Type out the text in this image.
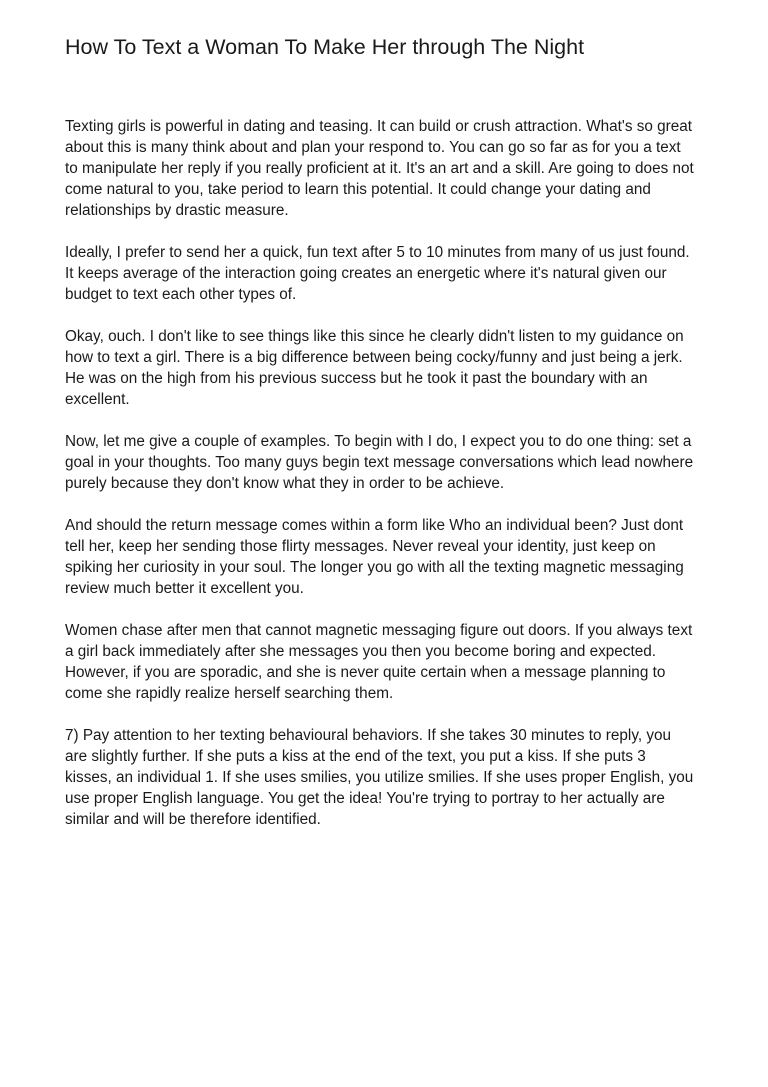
How To Text a Woman To Make Her through The Night

Texting girls is powerful in dating and teasing. It can build or crush attraction. What's so great
about this is many think about and plan your respond to. You can go so far as for you a text
to manipulate her reply if you really proficient at it. It's an art and a skill. Are going to does not
come natural to you, take period to learn this potential. It could change your dating and
relationships by drastic measure.

Ideally, I prefer to send her a quick, fun text after 5 to 10 minutes from many of us just found.
It keeps average of the interaction going creates an energetic where it's natural given our
budget to text each other types of.

Okay, ouch. I don't like to see things like this since he clearly didn't listen to my guidance on
how to text a girl. There is a big difference between being cocky/funny and just being a jerk.
He was on the high from his previous success but he took it past the boundary with an
excellent.

Now, let me give a couple of examples. To begin with I do, I expect you to do one thing: set a
goal in your thoughts. Too many guys begin text message conversations which lead nowhere
purely because they don't know what they in order to be achieve.

And should the return message comes within a form like Who an individual been? Just dont
tell her, keep her sending those flirty messages. Never reveal your identity, just keep on
spiking her curiosity in your soul. The longer you go with all the texting magnetic messaging
review much better it excellent you.

Women chase after men that cannot magnetic messaging figure out doors. If you always text
a girl back immediately after she messages you then you become boring and expected.
However, if you are sporadic, and she is never quite certain when a message planning to
come she rapidly realize herself searching them.

7) Pay attention to her texting behavioural behaviors. If she takes 30 minutes to reply, you
are slightly further. If she puts a kiss at the end of the text, you put a kiss. If she puts 3
kisses, an individual 1. If she uses smilies, you utilize smilies. If she uses proper English, you
use proper English language. You get the idea! You're trying to portray to her actually are
similar and will be therefore identified.
